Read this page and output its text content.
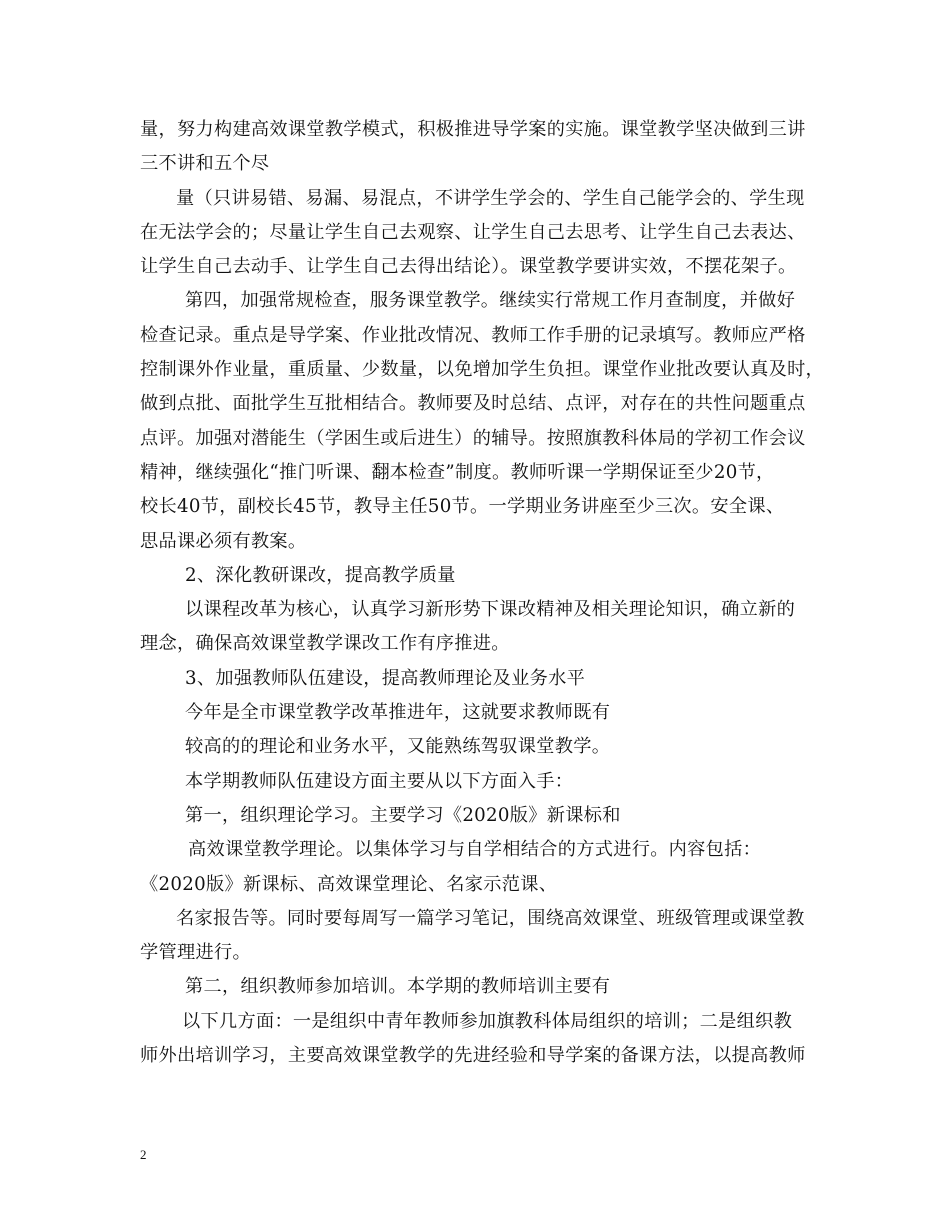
量，努力构建高效课堂教学模式，积极推进导学案的实施。课堂教学坚决做到三讲

三不讲和五个尽

量（只讲易错、易漏、易混点，不讲学生学会的、学生自己能学会的、学生现

在无法学会的；尽量让学生自己去观察、让学生自己去思考、让学生自己去表达、

让学生自己去动手、让学生自己去得出结论）。课堂教学要讲实效，不摆花架子。

第四，加强常规检查，服务课堂教学。继续实行常规工作月查制度，并做好

检查记录。重点是导学案、作业批改情况、教师工作手册的记录填写。教师应严格

控制课外作业量，重质量、少数量，以免增加学生负担。课堂作业批改要认真及时，

做到点批、面批学生互批相结合。教师要及时总结、点评，对存在的共性问题重点

点评。加强对潜能生（学困生或后进生）的辅导。按照旗教科体局的学初工作会议

精神，继续强化“推门听课、翻本检查”制度。教师听课一学期保证至少20节，

校长40节，副校长45节，教导主任50节。一学期业务讲座至少三次。安全课、

思品课必须有教案。

2、深化教研课改，提高教学质量

以课程改革为核心，认真学习新形势下课改精神及相关理论知识，确立新的

理念，确保高效课堂教学课改工作有序推进。

3、加强教师队伍建设，提高教师理论及业务水平

今年是全市课堂教学改革推进年，这就要求教师既有

较高的的理论和业务水平，又能熟练驾驭课堂教学。

本学期教师队伍建设方面主要从以下方面入手：

第一，组织理论学习。主要学习《2020版》新课标和

高效课堂教学理论。以集体学习与自学相结合的方式进行。内容包括：

《2020版》新课标、高效课堂理论、名家示范课、

名家报告等。同时要每周写一篇学习笔记，围绕高效课堂、班级管理或课堂教

学管理进行。

第二，组织教师参加培训。本学期的教师培训主要有

以下几方面：一是组织中青年教师参加旗教科体局组织的培训；二是组织教

师外出培训学习，主要高效课堂教学的先进经验和导学案的备课方法，以提高教师

2
